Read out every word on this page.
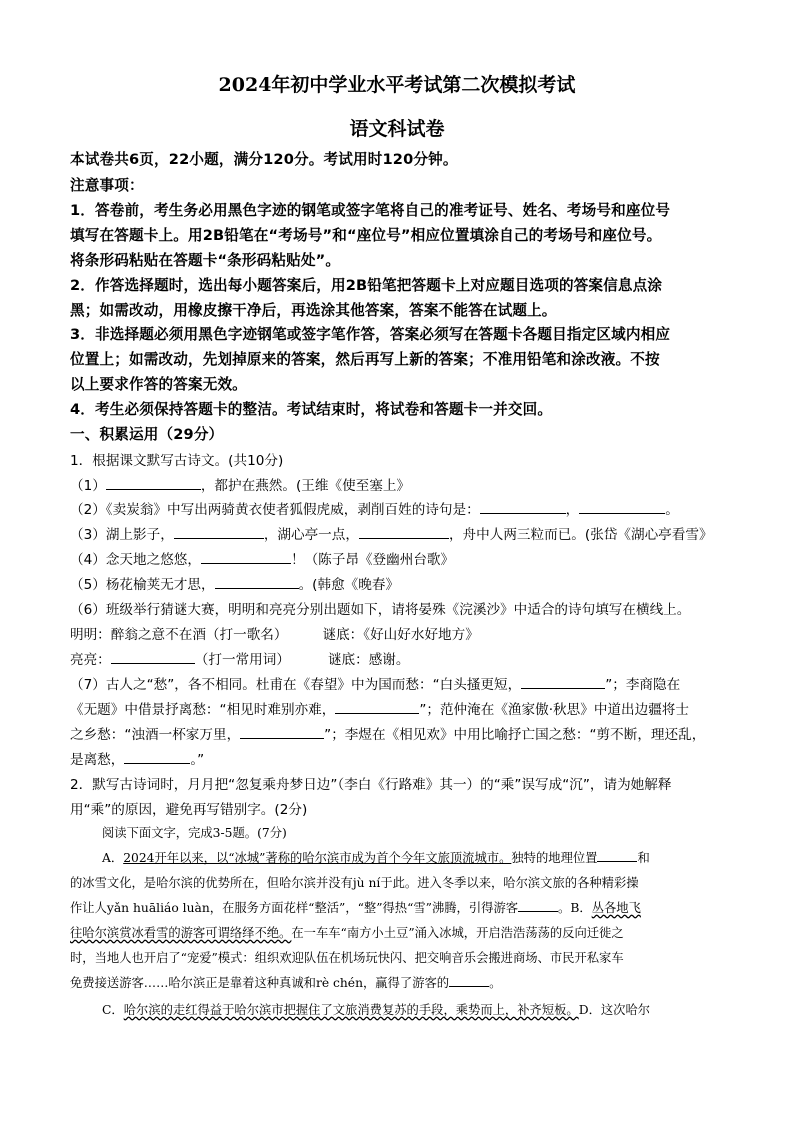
2024年初中学业水平考试第二次模拟考试
语文科试卷
本试卷共6页，22小题，满分120分。考试用时120分钟。
注意事项：
1．答卷前，考生务必用黑色字迹的钢笔或签字笔将自己的准考证号、姓名、考场号和座位号
填写在答题卡上。用2B铅笔在“考场号”和“座位号”相应位置填涂自己的考场号和座位号。
将条形码粘贴在答题卡“条形码粘贴处”。
2．作答选择题时，选出每小题答案后，用2B铅笔把答题卡上对应题目选项的答案信息点涂
黑；如需改动，用橡皮擦干净后，再选涂其他答案，答案不能答在试题上。
3．非选择题必须用黑色字迹钢笔或签字笔作答，答案必须写在答题卡各题目指定区域内相应
位置上；如需改动，先划掉原来的答案，然后再写上新的答案；不准用铅笔和涂改液。不按
以上要求作答的答案无效。
4．考生必须保持答题卡的整洁。考试结束时，将试卷和答题卡一并交回。
一、积累运用（29分）
1．根据课文默写古诗文。(共10分)
（1）	，都护在燕然。(王维《使至塞上》
（2）《卖炭翁》中写出两骑黄衣使者狐假虎威，剥削百姓的诗句是：	，	。
（3）湖上影子，	，湖心亭一点，	，舟中人两三粒而已。(张岱《湖心亭看雪》
（4）念天地之悠悠，	！（陈子昂《登幽州台歌》
（5）杨花榆荚无才思，	。(韩愈《晚春》
（6）班级举行猜谜大赛，明明和亮亮分别出题如下，请将晏殊《浣溪沙》中适合的诗句填写在横线上。
明明：醉翁之意不在酒（打一歌名）	谜底：《好山好水好地方》
亮亮：	（打一常用词）	谜底：感谢。
（7）古人之“愁”，各不相同。杜甫在《春望》中为国而愁：“白头搔更短，	”；李商隐在
《无题》中借景抒离愁：“相见时难别亦难，	”；范仲淹在《渔家傲·秋思》中道出边疆将士
之乡愁：“浊酒一杯家万里，	”；李煜在《相见欢》中用比喻抒亡国之愁：“剪不断，理还乱，
是离愁，	。”
2．默写古诗词时，月月把“忽复乘舟梦日边”（李白《行路难》其一）的“乘”误写成“沉”，请为她解释
用“乘”的原因，避免再写错别字。(2分)
阅读下面文字，完成3-5题。(7分)
A．2024开年以来，以“冰城”著称的哈尔滨市成为首个今年文旅顶流城市。独特的地理位置	和
的冰雪文化，是哈尔滨的优势所在，但哈尔滨并没有jù ní于此。进入冬季以来，哈尔滨文旅的各种精彩操
作让人yǎn huāliáo luàn，在服务方面花样“整活”，“整”得热“雪”沸腾，引得游客	。B．丛各地飞
往哈尔滨赏冰看雪的游客可谓络绎不绝。在一车车“南方小土豆”涌入冰城，开启浩浩荡荡的反向迁徙之
时，当地人也开启了“宠爱”模式：组织欢迎队伍在机场玩快闪、把交响音乐会搬进商场、市民开私家车
免费接送游客……哈尔滨正是靠着这种真诚和rè chén，赢得了游客的	。
C．哈尔滨的走红得益于哈尔滨市把握住了文旅消费复苏的手段，乘势而上，补齐短板。D．这次哈尔
